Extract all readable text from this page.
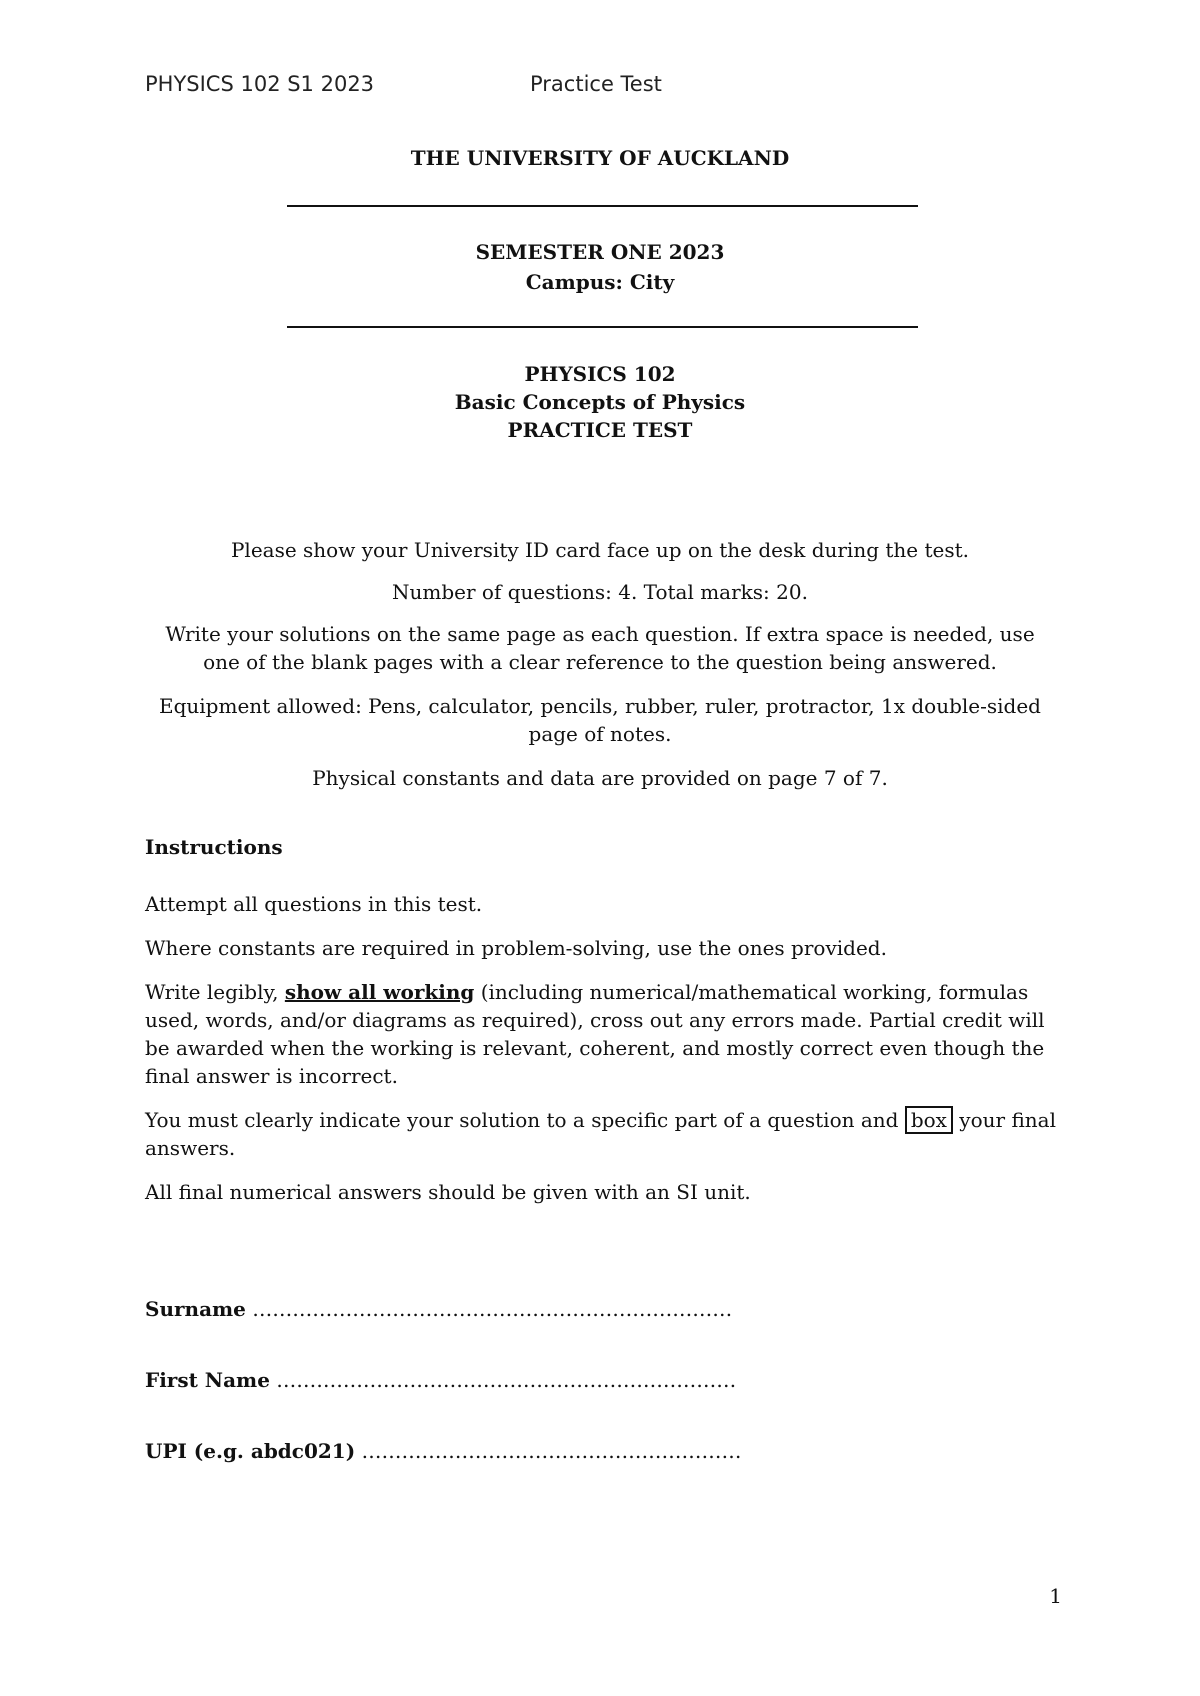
PHYSICS 102 S1 2023	Practice Test
THE UNIVERSITY OF AUCKLAND
SEMESTER ONE 2023
Campus: City
PHYSICS 102
Basic Concepts of Physics
PRACTICE TEST
Please show your University ID card face up on the desk during the test.
Number of questions: 4. Total marks: 20.
Write your solutions on the same page as each question. If extra space is needed, use one of the blank pages with a clear reference to the question being answered.
Equipment allowed: Pens, calculator, pencils, rubber, ruler, protractor, 1x double-sided page of notes.
Physical constants and data are provided on page 7 of 7.
Instructions
Attempt all questions in this test.
Where constants are required in problem-solving, use the ones provided.
Write legibly, show all working (including numerical/mathematical working, formulas used, words, and/or diagrams as required), cross out any errors made. Partial credit will be awarded when the working is relevant, coherent, and mostly correct even though the final answer is incorrect.
You must clearly indicate your solution to a specific part of a question and box your final answers.
All final numerical answers should be given with an SI unit.
Surname ………………………………………………………………
First Name ……………………………………………………………
UPI (e.g. abdc021) …………………………………………………
1
